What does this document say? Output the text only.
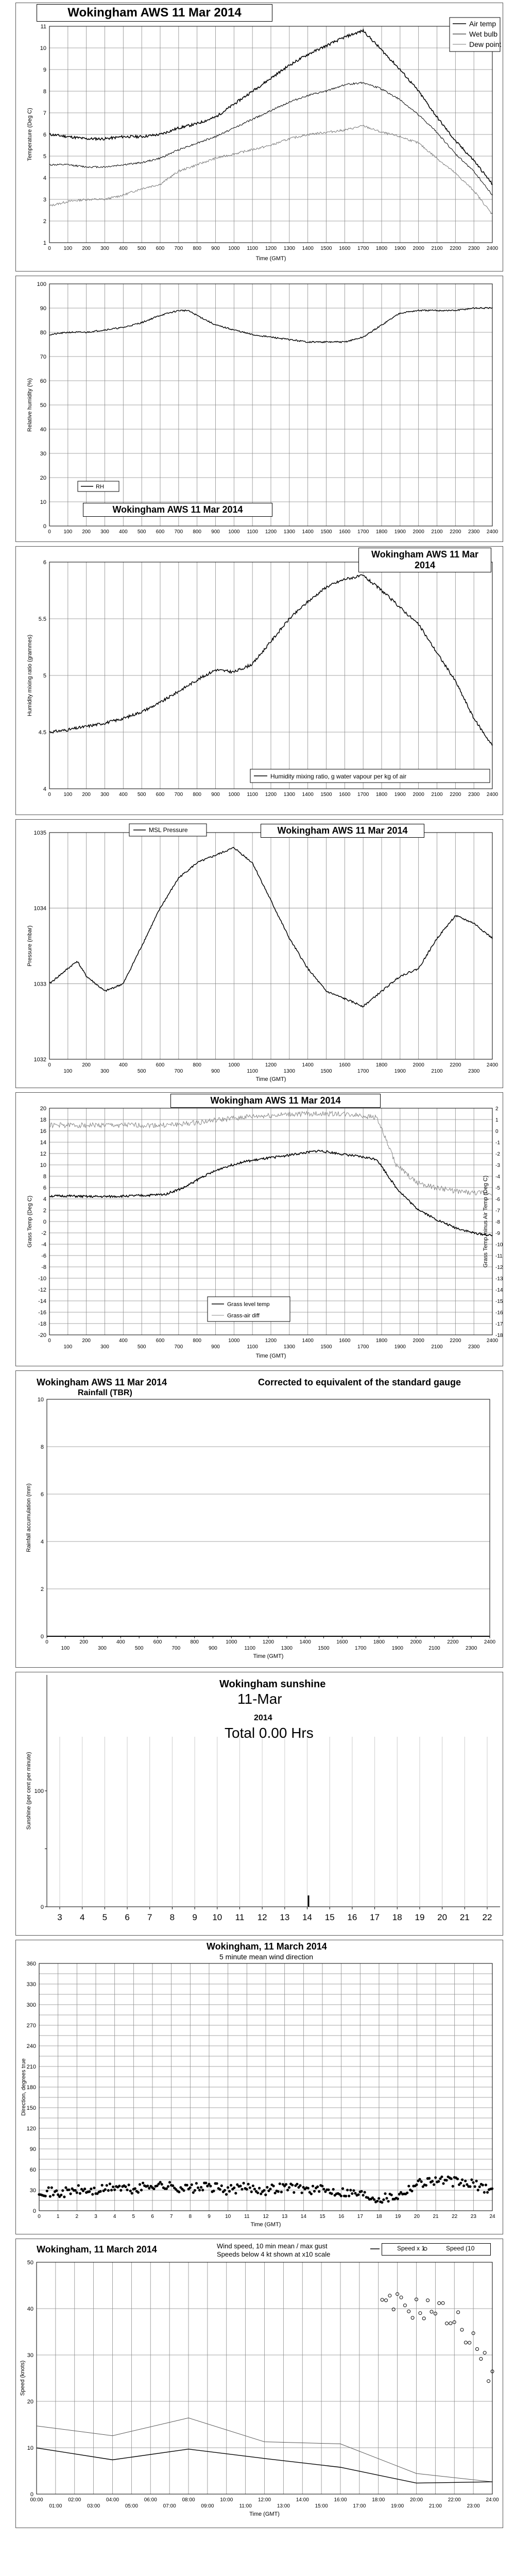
1
2
3
4
5
6
7
8
9
10
11
0 100 200 300 400 500 600 700 800 900 1000 1100 1200 1300 1400 1500 1600 1700 1800 1900 2000 2100 2200 2300 2400
Temperature (Deg C)
Time (GMT)
Wokingham AWS 11 Mar 2014
Air temp
Wet bulb
Dew point
0
10
20
30
40
50
60
70
80
90
100
0 100 200 300 400 500 600 700 800 900 1000 1100 1200 1300 1400 1500 1600 1700 1800 1900 2000 2100 2200 2300 2400
Relative humidity (%)
RH
Wokingham AWS 11 Mar 2014
4
4.5
5
5.5
6
0 100 200 300 400 500 600 700 800 900 1000 1100 1200 1300 1400 1500 1600 1700 1800 1900 2000 2100 2200 2300 2400
Humidity mixing ratio (grammes)
Humidity mixing ratio, g water vapour per kg of air
Wokingham AWS 11 Mar 2014
1032
1033
1034
1035
0
100
200
300
400
500
600
700
800
900
1000
1100
1200
1300
1400
1500
1600
1700
1800
1900
2000
2100
2200
2300
2400
Pressure (mbar)
Time (GMT)
MSL Pressure	Wokingham AWS 11 Mar 2014
-20
-18
-16
-14
-12
-10
-8
-6
-4
-2
0
2
4
6
8
10
12
14
16
18
20
-18
-17
-16
-15
-14
-13
-12
-11
-10
-9
-8
-7
-6
-5
-4
-3
-2
-1
0
1
2
0
100
200
300
400
500
600
700
800
900
1000
1100
1200
1300
1400
1500
1600
1700
1800
1900
2000
2100
2200
2300
2400
Grass Temp (Deg C)	Grass Temp minus Air Temp (Deg C)
Time (GMT)
Grass level temp
Grass-air diff
Wokingham AWS 11 Mar 2014
0
2
4
6
8
10
0
100
200
300
400
500
600
700
800
900
1000
1100
1200
1300
1400
1500
1600
1700
1800
1900
2000
2100
2200
2300
2400
Rainfall accumulation (mm)
Time (GMT)
Wokingham AWS 11 Mar 2014
Rainfall (TBR)
Corrected to equivalent of the standard gauge
0
100
3 4 5 6 7 8 9 10 11 12 13 14 15 16 17 18 19 20 21 22
Sunshine (per cent per minute)
Wokingham sunshine
11-Mar
2014
Total 0.00 Hrs
0
30
60
90
120
150
180
210
240
270
300
330
360
0	1	2	3	4	5	6	7	8	9	10	11	12	13	14	15	16	17	18	19	20	21	22	23	24
Direction, degrees true
Time (GMT)
Wokingham, 11 March 2014
5 minute mean wind direction
0
10
20
30
40
50
00:00
01:00
02:00
03:00
04:00
05:00
06:00
07:00
08:00
09:00
10:00
11:00
12:00
13:00
14:00
15:00
16:00
17:00
18:00
19:00
20:00
21:00
22:00
23:00
24:00
Speed (knots)
Time (GMT)
Wokingham, 11 March 2014	Wind speed, 10 min mean / max gust
Speeds below 4 kt shown at x10 scale
Speed x 1	Speed (10
